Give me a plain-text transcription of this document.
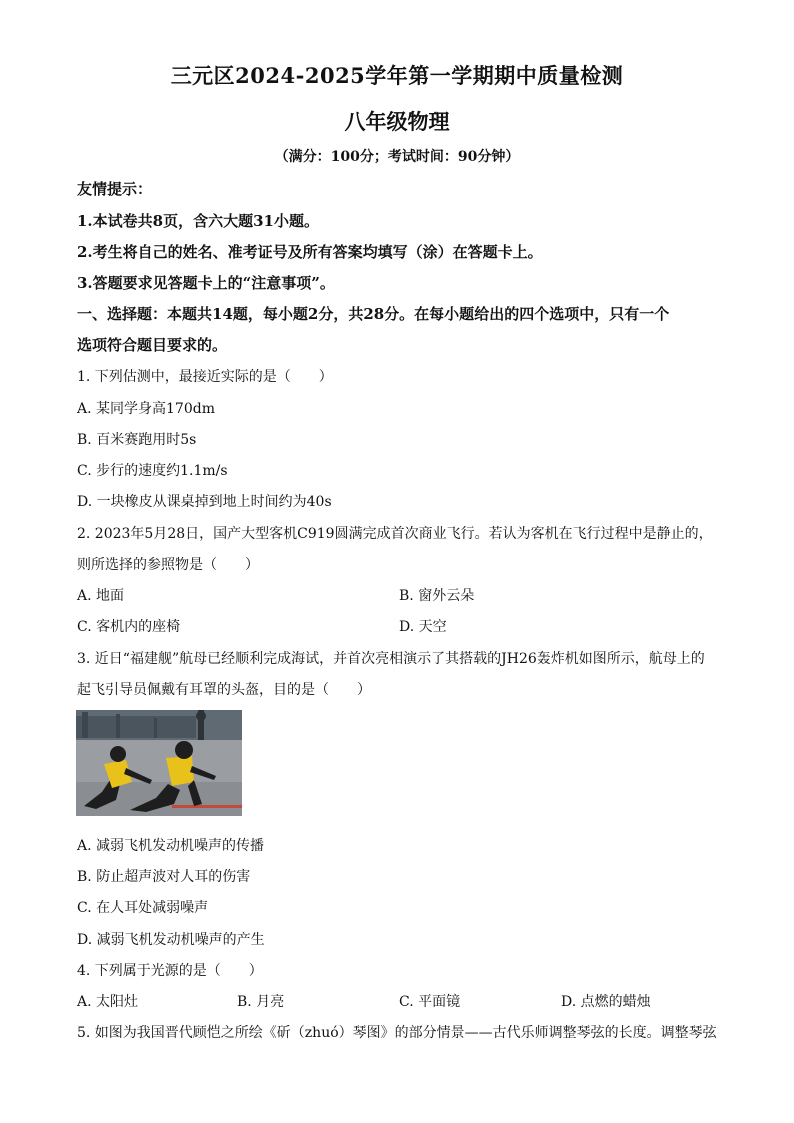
三元区2024-2025学年第一学期期中质量检测
八年级物理
（满分：100分；考试时间：90分钟）
友情提示：
1.本试卷共8页，含六大题31小题。
2.考生将自己的姓名、准考证号及所有答案均填写（涂）在答题卡上。
3.答题要求见答题卡上的“注意事项”。
一、选择题：本题共14题，每小题2分，共28分。在每小题给出的四个选项中，只有一个
选项符合题目要求的。
1. 下列估测中，最接近实际的是（　　）
A. 某同学身高170dm
B. 百米赛跑用时5s
C. 步行的速度约1.1m/s
D. 一块橡皮从课桌掉到地上时间约为40s
2. 2023年5月28日，国产大型客机C919圆满完成首次商业飞行。若认为客机在飞行过程中是静止的，
则所选择的参照物是（　　）
A. 地面	B. 窗外云朵
C. 客机内的座椅	D. 天空
3. 近日“福建舰”航母已经顺利完成海试，并首次亮相演示了其搭载的JH26轰炸机如图所示，航母上的
起飞引导员佩戴有耳罩的头盔，目的是（　　）
A. 减弱飞机发动机噪声的传播
B. 防止超声波对人耳的伤害
C. 在人耳处减弱噪声
D. 减弱飞机发动机噪声的产生
4. 下列属于光源的是（　　）
A. 太阳灶	B. 月亮	C. 平面镜	D. 点燃的蜡烛
5. 如图为我国晋代顾恺之所绘《斫（zhuó）琴图》的部分情景——古代乐师调整琴弦的长度。调整琴弦
